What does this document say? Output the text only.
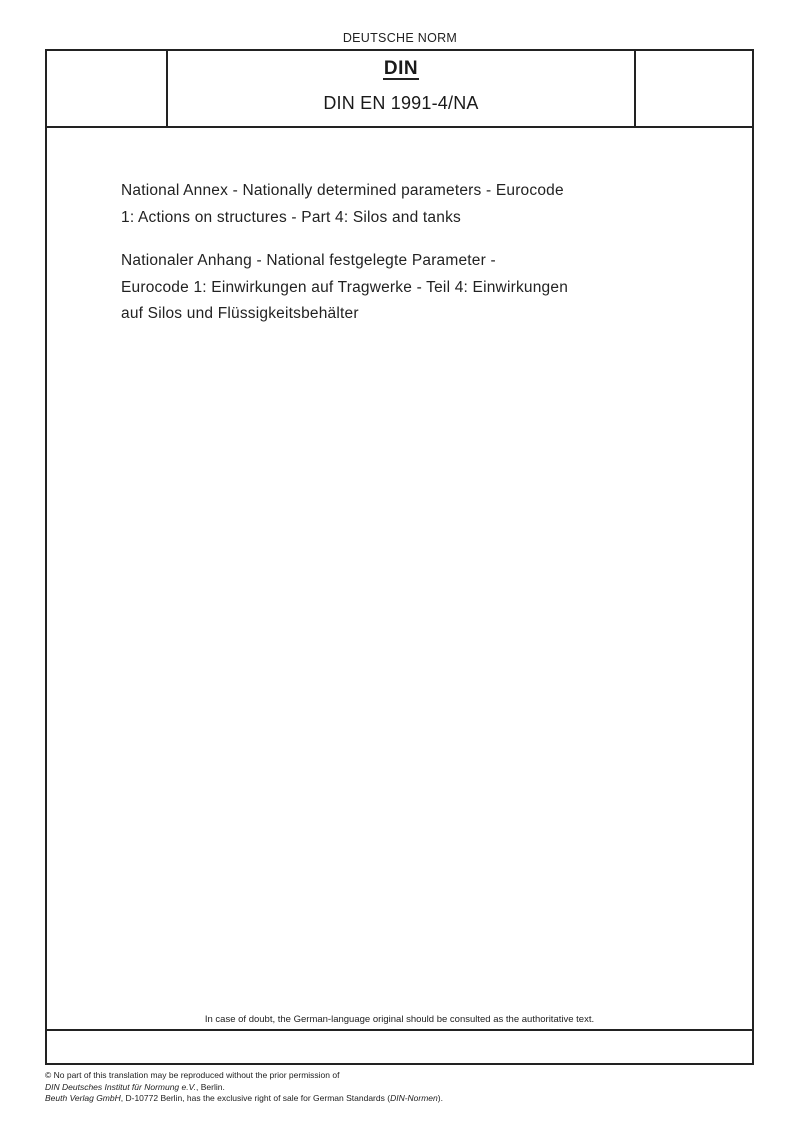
DEUTSCHE NORM
DIN
DIN EN 1991-4/NA

National Annex - Nationally determined parameters - Eurocode
1: Actions on structures - Part 4: Silos and tanks

Nationaler Anhang - National festgelegte Parameter -
Eurocode 1: Einwirkungen auf Tragwerke - Teil 4: Einwirkungen
auf Silos und Flüssigkeitsbehälter

In case of doubt, the German-language original should be consulted as the authoritative text.
© No part of this translation may be reproduced without the prior permission of
DIN Deutsches Institut für Normung e.V., Berlin.
Beuth Verlag GmbH, D-10772 Berlin, has the exclusive right of sale for German Standards (DIN-Normen).
